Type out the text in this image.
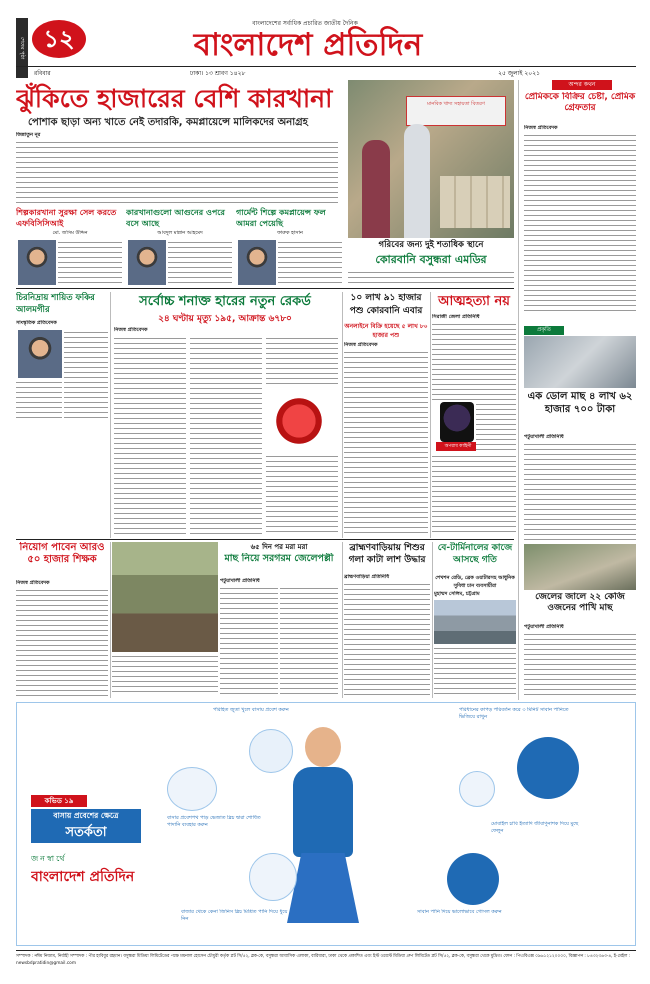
শেষের পৃষ্ঠা ১২
বাংলাদেশের সর্বাধিক প্রচারিত জাতীয় দৈনিক
বাংলাদেশ প্রতিদিন
রবিবার	ঢাকা। ১৩ শ্রাবণ ১৪২৮	২৫ জুলাই ২০২১
ঝুঁকিতে হাজারের বেশি কারখানা
পোশাক ছাড়া অন্য খাতে নেই তদারকি, কমপ্লায়েন্সে মালিকদের অনাগ্রহ
জিন্নাতুন নূর
শিল্পকারখানা সুরক্ষা সেল করতে এফবিসিসিআই
কারখানাগুলো আগুনের ওপরে বসে আছে
গার্মেন্ট শিল্পে কমপ্লায়েন্স ফল আমরা পেয়েছি
মো. জসিম উদ্দিন	আবদুল মান্নান আহমেদ	ফারুক হাসান
মানবিক খাদ্য সহায়তা বিতরণ
গরিবের জন্য দুই শতাধিক স্থানে
কোরবানি বসুন্ধরা এমডির
অন্দর কথন
প্রেমিককে বিক্রির চেষ্টা, প্রেমিক গ্রেফতার
নিজস্ব প্রতিবেদক
প্রকৃতি
এক ডোল মাছ ৪ লাখ ৬২ হাজার ৭০০ টাকা
পটুয়াখালী প্রতিনিধি
জেলের জালে ২২ কেজি ওজনের পাখি মাছ
পটুয়াখালী প্রতিনিধি
চিরনিদ্রায় শায়িত ফকির আলমগীর
সাংস্কৃতিক প্রতিবেদক
সর্বোচ্চ শনাক্ত হারের নতুন রেকর্ড
২৪ ঘণ্টায় মৃত্যু ১৯৫, আক্রান্ত ৬৭৮০
নিজস্ব প্রতিবেদক
১০ লাখ ৯১ হাজার পশু কোরবানি এবার
অনলাইনে বিক্রি হয়েছে ৫ লাখ ৮০ হাজার পশু
নিজস্ব প্রতিবেদক
আত্মহত্যা নয়
সিরাজী জেলা প্রতিনিধি
অপরাধ কাহিনী
নিয়োগ পাবেন আরও ৫০ হাজার শিক্ষক
নিজস্ব প্রতিবেদক
৬৫ দিন পর মরা মরা
মাছ নিয়ে সরগরম জেলেপল্লী
পটুয়াখালী প্রতিনিধি
ব্রাহ্মণবাড়িয়ায় শিশুর গলা কাটা লাশ উদ্ধার
ব্রাহ্মণবাড়িয়া প্রতিনিধি
বে-টার্মিনালের কাজে আসছে গতি
শেখশন রেডি, ব্রেক ওয়াটারসহ আধুনিক সুবিধা চান ব্যবসায়ীরা
মুহাম্মদ সেলিম, চট্টগ্রাম
কভিড ১৯
বাসায় প্রবেশের ক্ষেত্রে
সতর্কতা
জনস্বার্থে
বাংলাদেশ প্রতিদিন
পরিহিত জুতা খুলে বাসায় প্রবেশ করুন	পরিধানের কাপড় পরিবর্তন করে ৩ মিনিট সাবান পানিতে ভিজিয়ে রাখুন
বাসার প্রবেশপথ পাড় ভেজাত ব্লিচ দ্বারা শোধিত পাদানি ব্যবহার করুন	মোবাইল চাবি ইত্যাদি জীবাণুনাশক দিয়ে মুছে ফেলুন
বাজার থেকে কেনা জিনিস ব্লিচ মিশ্রিত পানি দিয়ে ধুয়ে নিন
সাবান পানি দিয়ে ভালোভাবে গোসল করুন
সম্পাদক : নঈম নিজাম, নির্বাহী সম্পাদক : পীর হাবিবুর রহমান। বসুন্ধরা মিডিয়া লিমিটেডের পক্ষে ময়নাল হোসেন চৌধুরী কর্তৃক প্লট সি/৫২, ব্লক-কে, বসুন্ধরা আবাসিক এলাকা, বারিধারা, ঢাকা থেকে প্রকাশিত এবং ইস্ট ওয়েস্ট মিডিয়া গ্রুপ লিমিটেড প্লট সি/৫২, ব্লক-কে, বসুন্ধরা থেকে মুদ্রিত। ফোন : পিএবিএক্স ০৯৬১২১২০০০০, বিজ্ঞাপন : ৮৪৩২৩৬৩-৪, ই-মেইল : newsbdpratidin@gmail.com
